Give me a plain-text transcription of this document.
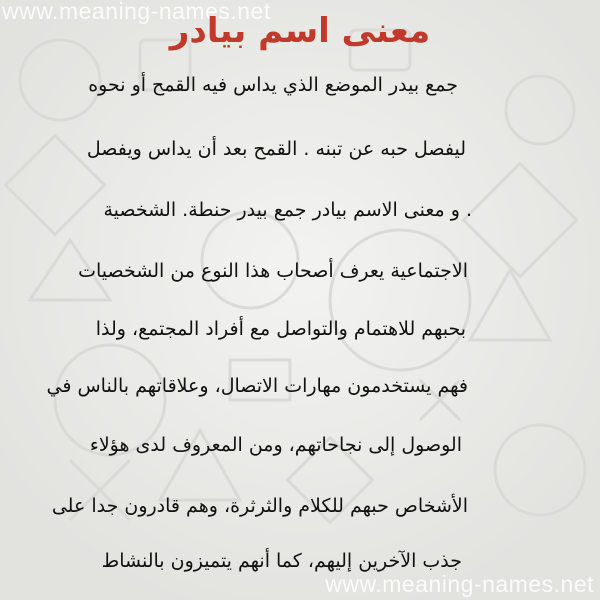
www.meaning-names.net
www.meaning-names.net
معنى اسم بيادر
جمع بيدر الموضع الذي يداس فيه القمح أو نحوه
ليفصل حبه عن تبنه . القمح بعد أن يداس ويفصل
. و معنى الاسم بيادر جمع بيدر حنطة. الشخصية
الاجتماعية يعرف أصحاب هذا النوع من الشخصيات
بحبهم للاهتمام والتواصل مع أفراد المجتمع، ولذا
فهم يستخدمون مهارات الاتصال، وعلاقاتهم بالناس في
الوصول إلى نجاحاتهم، ومن المعروف لدى هؤلاء
الأشخاص حبهم للكلام والثرثرة، وهم قادرون جدا على
جذب الآخرين إليهم، كما أنهم يتميزون بالنشاط
